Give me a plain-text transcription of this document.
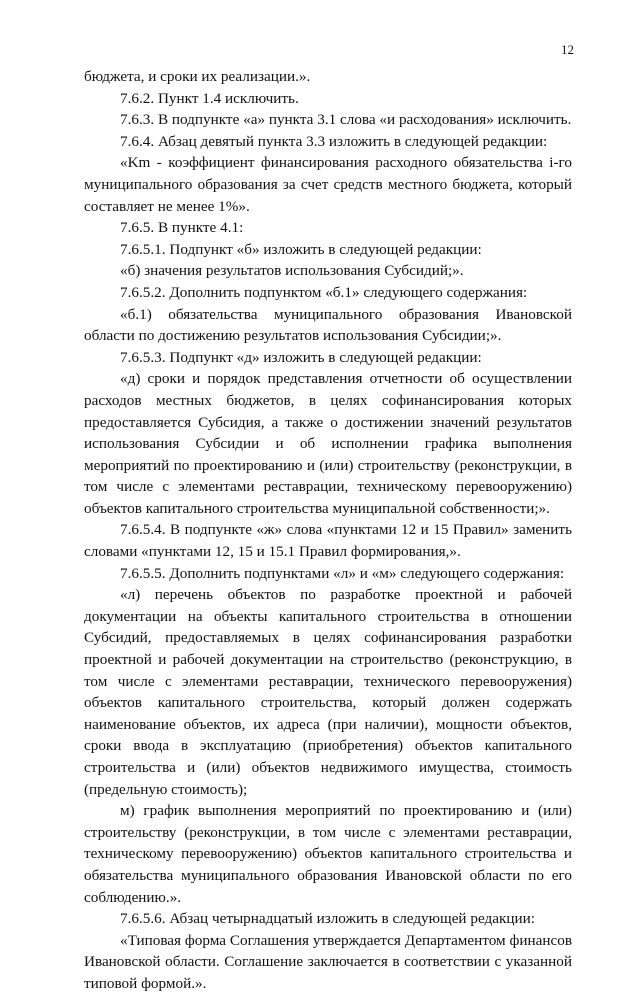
12

бюджета, и сроки их реализации.».

7.6.2. Пункт 1.4 исключить.

7.6.3. В подпункте «а» пункта 3.1 слова «и расходования» исключить.

7.6.4. Абзац девятый пункта 3.3 изложить в следующей редакции:

«Km - коэффициент финансирования расходного обязательства i-го муниципального образования за счет средств местного бюджета, который составляет не менее 1%».

7.6.5. В пункте 4.1:

7.6.5.1. Подпункт «б» изложить в следующей редакции:

«б) значения результатов использования Субсидий;».

7.6.5.2. Дополнить подпунктом «б.1» следующего содержания:

«б.1) обязательства муниципального образования Ивановской области по достижению результатов использования Субсидии;».

7.6.5.3. Подпункт «д» изложить в следующей редакции:

«д) сроки и порядок представления отчетности об осуществлении расходов местных бюджетов, в целях софинансирования которых предоставляется Субсидия, а также о достижении значений результатов использования Субсидии и об исполнении графика выполнения мероприятий по проектированию и (или) строительству (реконструкции, в том числе с элементами реставрации, техническому перевооружению) объектов капитального строительства муниципальной собственности;».

7.6.5.4. В подпункте «ж» слова «пунктами 12 и 15 Правил» заменить словами «пунктами 12, 15 и 15.1 Правил формирования,».

7.6.5.5. Дополнить подпунктами «л» и «м» следующего содержания:

«л) перечень объектов по разработке проектной и рабочей документации на объекты капитального строительства в отношении Субсидий, предоставляемых в целях софинансирования разработки проектной и рабочей документации на строительство (реконструкцию, в том числе с элементами реставрации, технического перевооружения) объектов капитального строительства, который должен содержать наименование объектов, их адреса (при наличии), мощности объектов, сроки ввода в эксплуатацию (приобретения) объектов капитального строительства и (или) объектов недвижимого имущества, стоимость (предельную стоимость);

м) график выполнения мероприятий по проектированию и (или) строительству (реконструкции, в том числе с элементами реставрации, техническому перевооружению) объектов капитального строительства и обязательства муниципального образования Ивановской области по его соблюдению.».

7.6.5.6. Абзац четырнадцатый изложить в следующей редакции:

«Типовая форма Соглашения утверждается Департаментом финансов Ивановской области. Соглашение заключается в соответствии с указанной типовой формой.».
